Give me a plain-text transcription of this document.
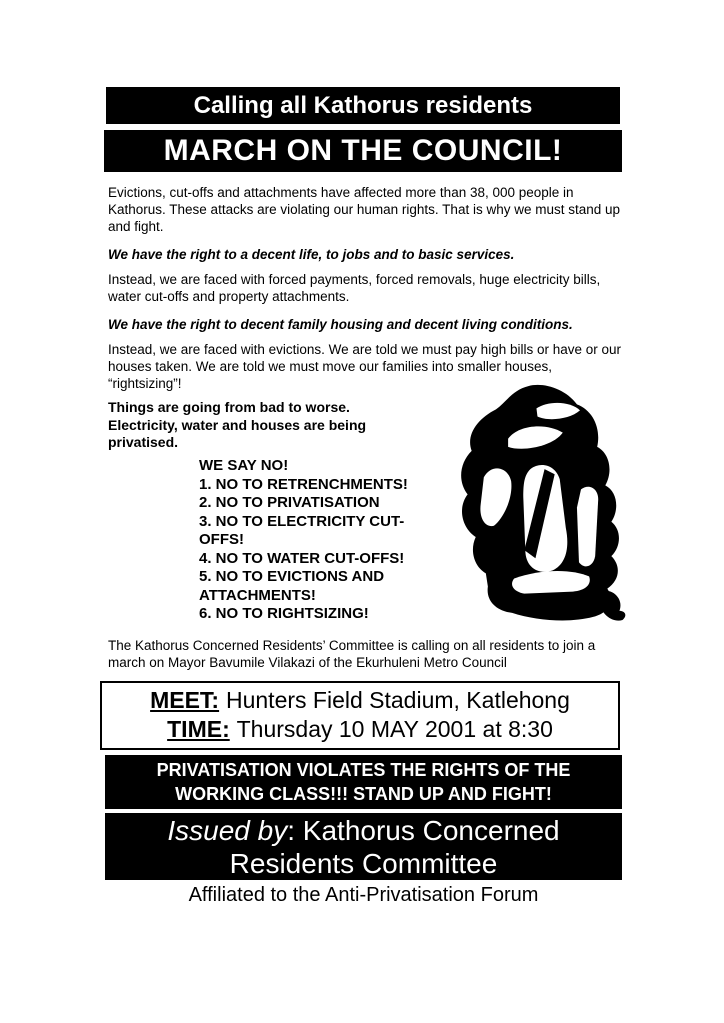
Calling all Kathorus residents
MARCH ON THE COUNCIL!
Evictions, cut-offs and attachments have affected more than 38, 000 people in Kathorus. These attacks are violating our human rights. That is why we must stand up and fight.
We have the right to a decent life, to jobs and to basic services.
Instead, we are faced with forced payments, forced removals, huge electricity bills, water cut-offs and property attachments.
We have the right to decent family housing and decent living conditions.
Instead, we are faced with evictions. We are told we must pay high bills or have or our houses taken. We are told we must move our families into smaller houses, “rightsizing”!
Things are going from bad to worse. Electricity, water and houses are being privatised.
WE SAY NO!
1. NO TO RETRENCHMENTS!
2. NO TO PRIVATISATION
3. NO TO ELECTRICITY CUT-OFFS!
4. NO TO WATER CUT-OFFS!
5. NO TO EVICTIONS AND ATTACHMENTS!
6. NO TO RIGHTSIZING!
The Kathorus Concerned Residents’ Committee is calling on all residents to join a march on Mayor Bavumile Vilakazi of the Ekurhuleni Metro Council
MEET: Hunters Field Stadium, Katlehong
TIME: Thursday 10 MAY 2001 at 8:30
PRIVATISATION VIOLATES THE RIGHTS OF THE WORKING CLASS!!! STAND UP AND FIGHT!
Issued by: Kathorus Concerned Residents Committee
Affiliated to the Anti-Privatisation Forum
